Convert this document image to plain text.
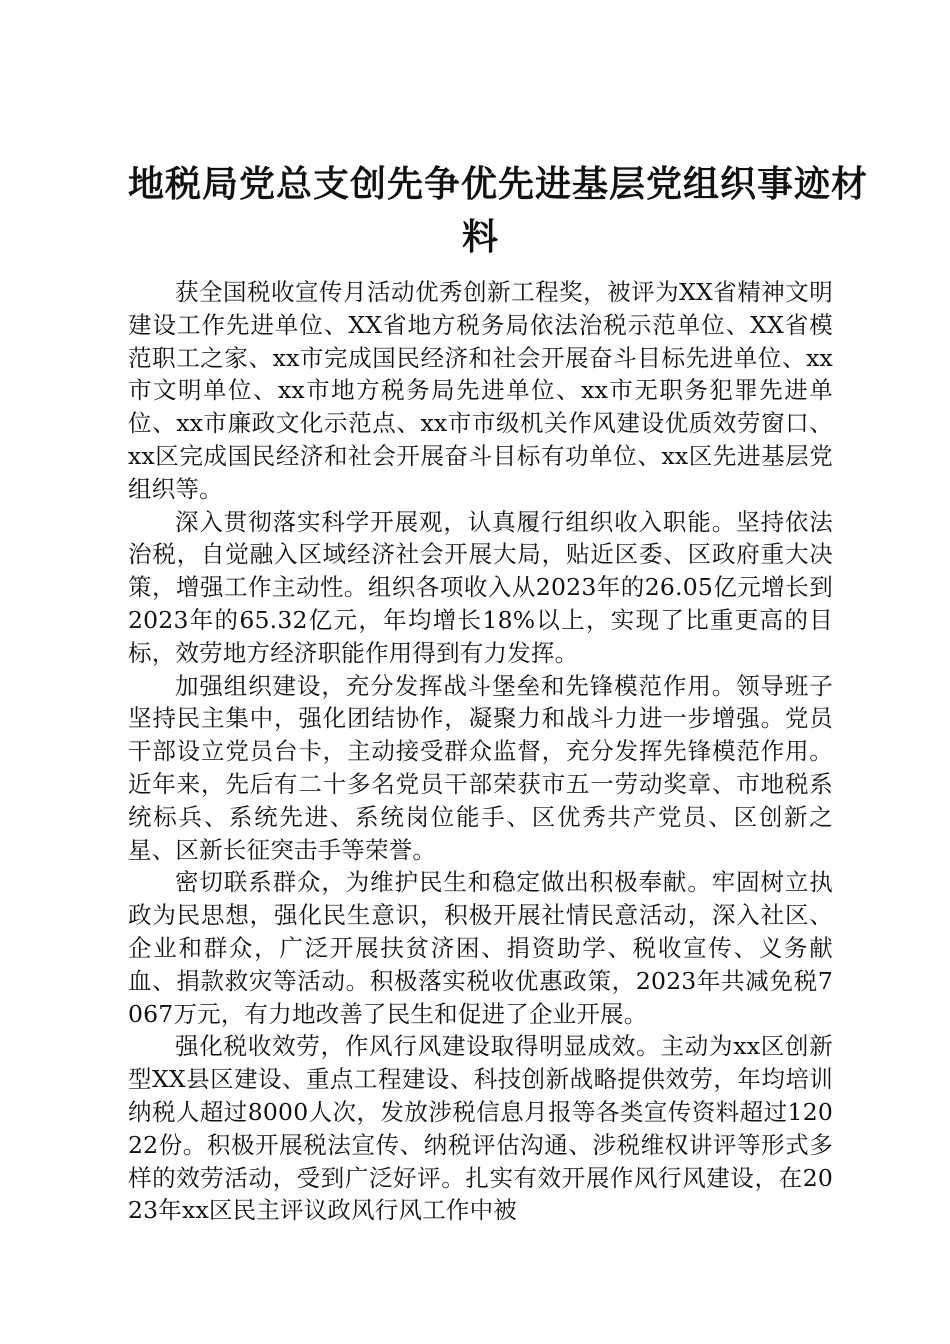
地税局党总支创先争优先进基层党组织事迹材
料

获全国税收宣传月活动优秀创新工程奖，被评为XX省精神文明建设工作先进单位、XX省地方税务局依法治税示范单位、XX省模范职工之家、xx市完成国民经济和社会开展奋斗目标先进单位、xx市文明单位、xx市地方税务局先进单位、xx市无职务犯罪先进单位、xx市廉政文化示范点、xx市市级机关作风建设优质效劳窗口、xx区完成国民经济和社会开展奋斗目标有功单位、xx区先进基层党组织等。

深入贯彻落实科学开展观，认真履行组织收入职能。坚持依法治税，自觉融入区域经济社会开展大局，贴近区委、区政府重大决策，增强工作主动性。组织各项收入从2023年的26.05亿元增长到2023年的65.32亿元，年均增长18%以上，实现了比重更高的目标，效劳地方经济职能作用得到有力发挥。

加强组织建设，充分发挥战斗堡垒和先锋模范作用。领导班子坚持民主集中，强化团结协作，凝聚力和战斗力进一步增强。党员干部设立党员台卡，主动接受群众监督，充分发挥先锋模范作用。近年来，先后有二十多名党员干部荣获市五一劳动奖章、市地税系统标兵、系统先进、系统岗位能手、区优秀共产党员、区创新之星、区新长征突击手等荣誉。

密切联系群众，为维护民生和稳定做出积极奉献。牢固树立执政为民思想，强化民生意识，积极开展社情民意活动，深入社区、企业和群众，广泛开展扶贫济困、捐资助学、税收宣传、义务献血、捐款救灾等活动。积极落实税收优惠政策，2023年共减免税7067万元，有力地改善了民生和促进了企业开展。

强化税收效劳，作风行风建设取得明显成效。主动为xx区创新型XX县区建设、重点工程建设、科技创新战略提供效劳，年均培训纳税人超过8000人次，发放涉税信息月报等各类宣传资料超过12022份。积极开展税法宣传、纳税评估沟通、涉税维权讲评等形式多样的效劳活动，受到广泛好评。扎实有效开展作风行风建设，在2023年xx区民主评议政风行风工作中被
